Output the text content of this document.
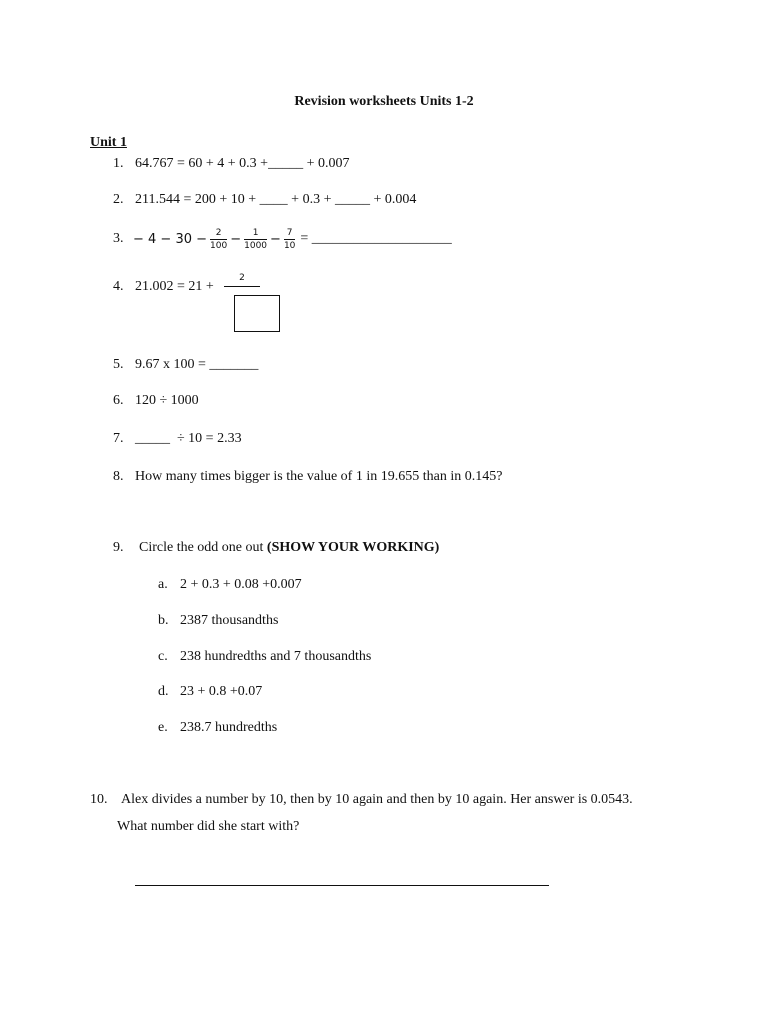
Revision worksheets Units 1-2
Unit 1
1. 64.767 = 60 + 4 + 0.3 +_____ + 0.007
2. 211.544 = 200 + 10 + ____ + 0.3 + _____ + 0.004
3. − $4 - 30 - \frac{2}{100} - \frac{1}{1000} - \frac{7}{10}$ = ____________________
4. 21.002 = 21 +
2
5. 9.67 x 100 = _______
6. 120 ÷ 1000
7. _____  ÷ 10 = 2.33
8. How many times bigger is the value of 1 in 19.655 than in 0.145?
9. Circle the odd one out (SHOW YOUR WORKING)
a. 2 + 0.3 + 0.08 +0.007
b. 2387 thousandths
c. 238 hundredths and 7 thousandths
d. 23 + 0.8 +0.07
e. 238.7 hundredths
10. Alex divides a number by 10, then by 10 again and then by 10 again. Her answer is 0.0543.
What number did she start with?
